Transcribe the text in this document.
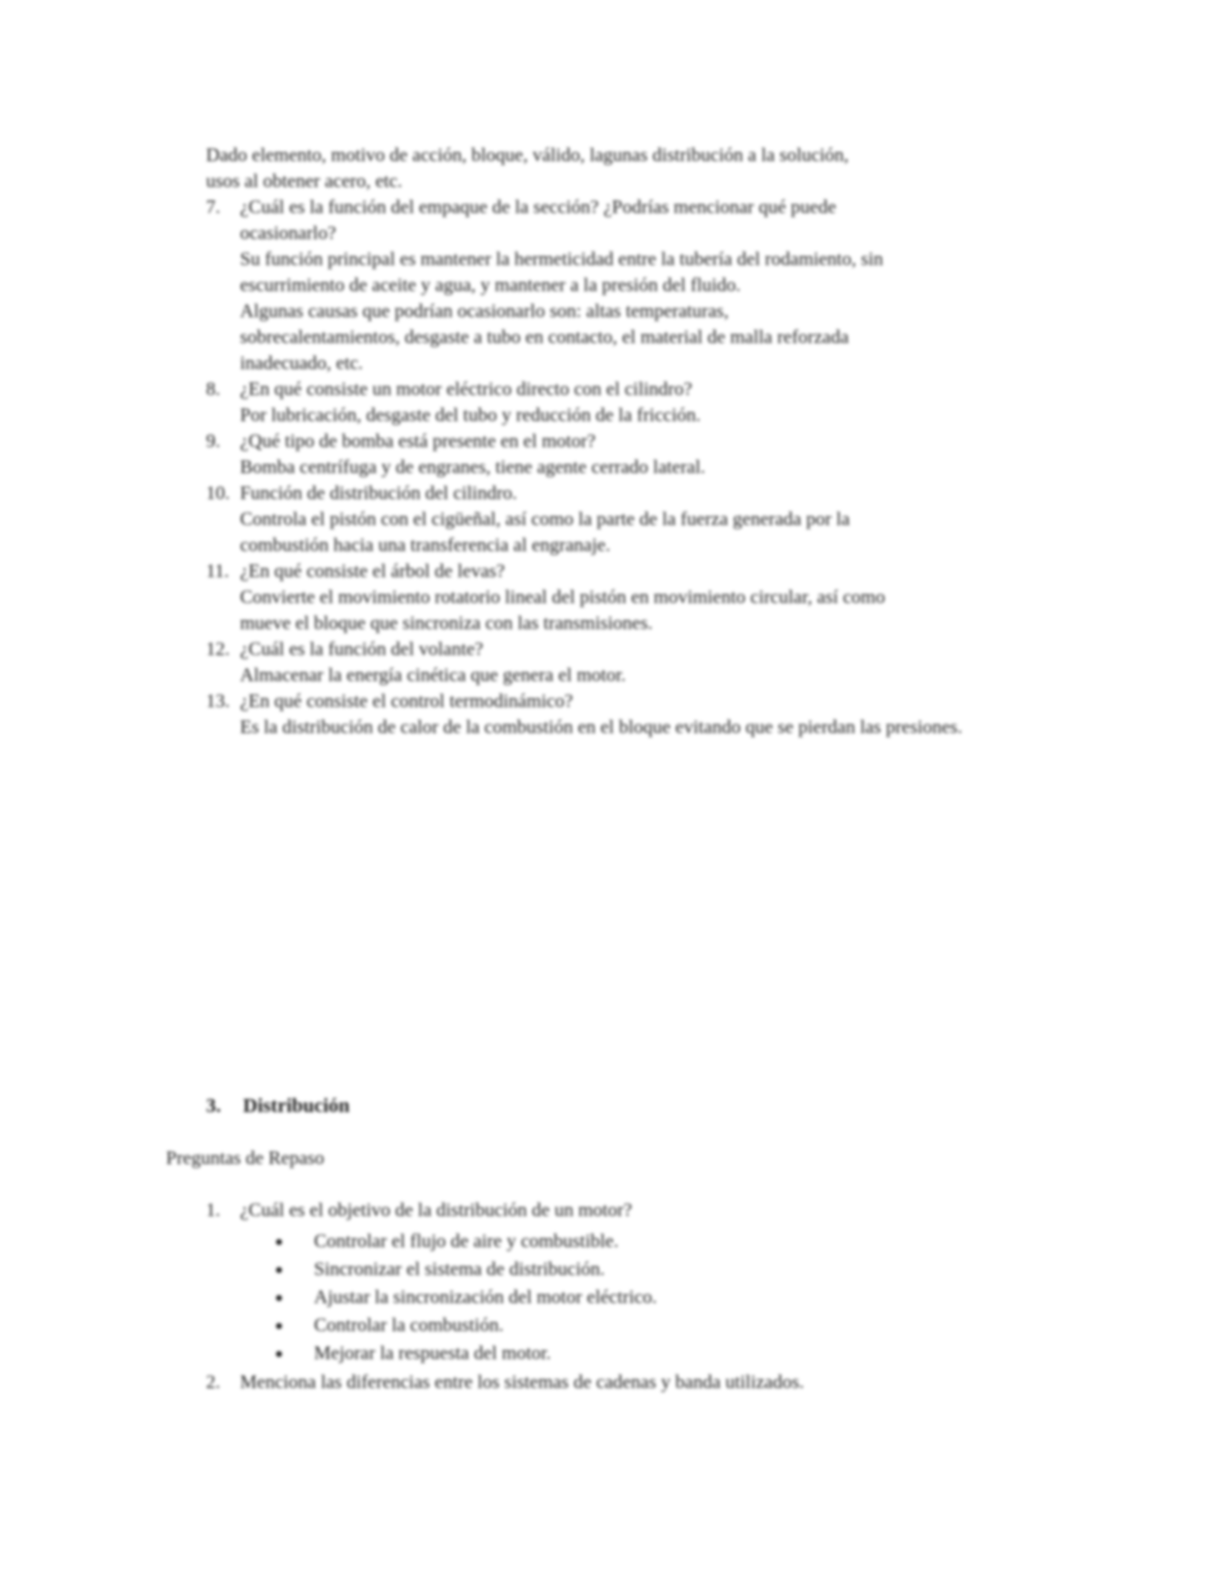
Dado elemento, motivo de acción, bloque, válido, lagunas distribución a la solución,
usos al obtener acero, etc.
7.	¿Cuál es la función del empaque de la sección? ¿Podrías mencionar qué puede
ocasionarlo?
Su función principal es mantener la hermeticidad entre la tubería del rodamiento, sin
escurrimiento de aceite y agua, y mantener a la presión del fluido.
Algunas causas que podrían ocasionarlo son: altas temperaturas,
sobrecalentamientos, desgaste a tubo en contacto, el material de malla reforzada
inadecuado, etc.
8.	¿En qué consiste un motor eléctrico directo con el cilindro?
Por lubricación, desgaste del tubo y reducción de la fricción.
9.	¿Qué tipo de bomba está presente en el motor?
Bomba centrífuga y de engranes, tiene agente cerrado lateral.
10. Función de distribución del cilindro.
Controla el pistón con el cigüeñal, así como la parte de la fuerza generada por la
combustión hacia una transferencia al engranaje.
11. ¿En qué consiste el árbol de levas?
Convierte el movimiento rotatorio lineal del pistón en movimiento circular, así como
mueve el bloque que sincroniza con las transmisiones.
12. ¿Cuál es la función del volante?
Almacenar la energía cinética que genera el motor.
13. ¿En qué consiste el control termodinámico?
Es la distribución de calor de la combustión en el bloque evitando que se pierdan las presiones.
3. Distribución
Preguntas de Repaso
1.	¿Cuál es el objetivo de la distribución de un motor?
Controlar el flujo de aire y combustible.
Sincronizar el sistema de distribución.
Ajustar la sincronización del motor eléctrico.
Controlar la combustión.
Mejorar la respuesta del motor.
2.	Menciona las diferencias entre los sistemas de cadenas y banda utilizados.
